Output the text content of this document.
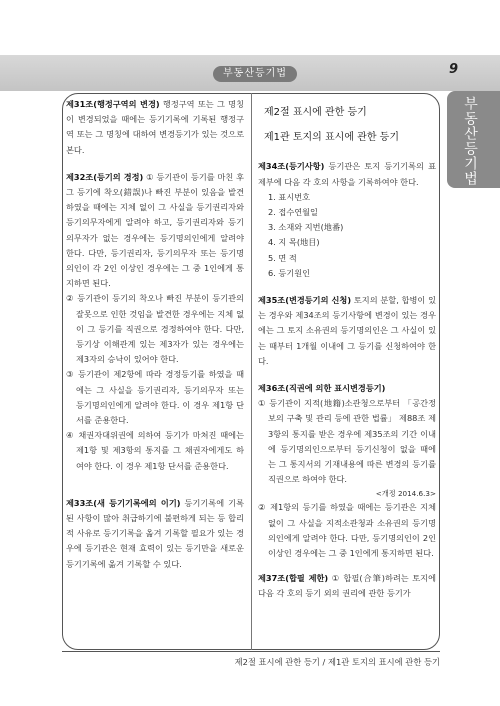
부동산등기법	9
부동산등기법

제31조(행정구역의 변경) 행정구역 또는 그 명칭이 변경되었을 때에는 등기기록에 기록된 행정구역 또는 그 명칭에 대하여 변경등기가 있는 것으로 본다.

제32조(등기의 경정) ① 등기관이 등기를 마친 후 그 등기에 착오(錯誤)나 빠진 부분이 있음을 발견하였을 때에는 지체 없이 그 사실을 등기권리자와 등기의무자에게 알려야 하고, 등기권리자와 등기의무자가 없는 경우에는 등기명의인에게 알려야 한다. 다만, 등기권리자, 등기의무자 또는 등기명의인이 각 2인 이상인 경우에는 그 중 1인에게 통지하면 된다.

② 등기관이 등기의 착오나 빠진 부분이 등기관의 잘못으로 인한 것임을 발견한 경우에는 지체 없이 그 등기를 직권으로 경정하여야 한다. 다만, 등기상 이해관계 있는 제3자가 있는 경우에는 제3자의 승낙이 있어야 한다.

③ 등기관이 제2항에 따라 경정등기를 하였을 때에는 그 사실을 등기권리자, 등기의무자 또는 등기명의인에게 알려야 한다. 이 경우 제1항 단서를 준용한다.

④ 채권자대위권에 의하여 등기가 마쳐진 때에는 제1항 및 제3항의 통지를 그 채권자에게도 하여야 한다. 이 경우 제1항 단서를 준용한다.

제33조(새 등기기록에의 이기) 등기기록에 기록된 사항이 많아 취급하기에 불편하게 되는 등 합리적 사유로 등기기록을 옮겨 기록할 필요가 있는 경우에 등기관은 현재 효력이 있는 등기만을 새로운 등기기록에 옮겨 기록할 수 있다.

제2절 표시에 관한 등기

제1관 토지의 표시에 관한 등기

제34조(등기사항) 등기관은 토지 등기기록의 표제부에 다음 각 호의 사항을 기록하여야 한다.

1. 표시번호

2. 접수연월일

3. 소재와 지번(地番)

4. 지 목(地目)

5. 면 적

6. 등기원인

제35조(변경등기의 신청) 토지의 분할, 합병이 있는 경우와 제34조의 등기사항에 변경이 있는 경우에는 그 토지 소유권의 등기명의인은 그 사실이 있는 때부터 1개월 이내에 그 등기를 신청하여야 한다.

제36조(직권에 의한 표시변경등기)

① 등기관이 지적(地籍)소관청으로부터 「공간정보의 구축 및 관리 등에 관한 법률」 제88조 제3항의 통지를 받은 경우에 제35조의 기간 이내에 등기명의인으로부터 등기신청이 없을 때에는 그 통지서의 기재내용에 따른 변경의 등기를 직권으로 하여야 한다.

<개정 2014.6.3>

② 제1항의 등기를 하였을 때에는 등기관은 지체 없이 그 사실을 지적소관청과 소유권의 등기명의인에게 알려야 한다. 다만, 등기명의인이 2인 이상인 경우에는 그 중 1인에게 통지하면 된다.

제37조(합필 제한) ① 합필(合筆)하려는 토지에 다음 각 호의 등기 외의 권리에 관한 등기가

제2절 표시에 관한 등기 / 제1관 토지의 표시에 관한 등기
